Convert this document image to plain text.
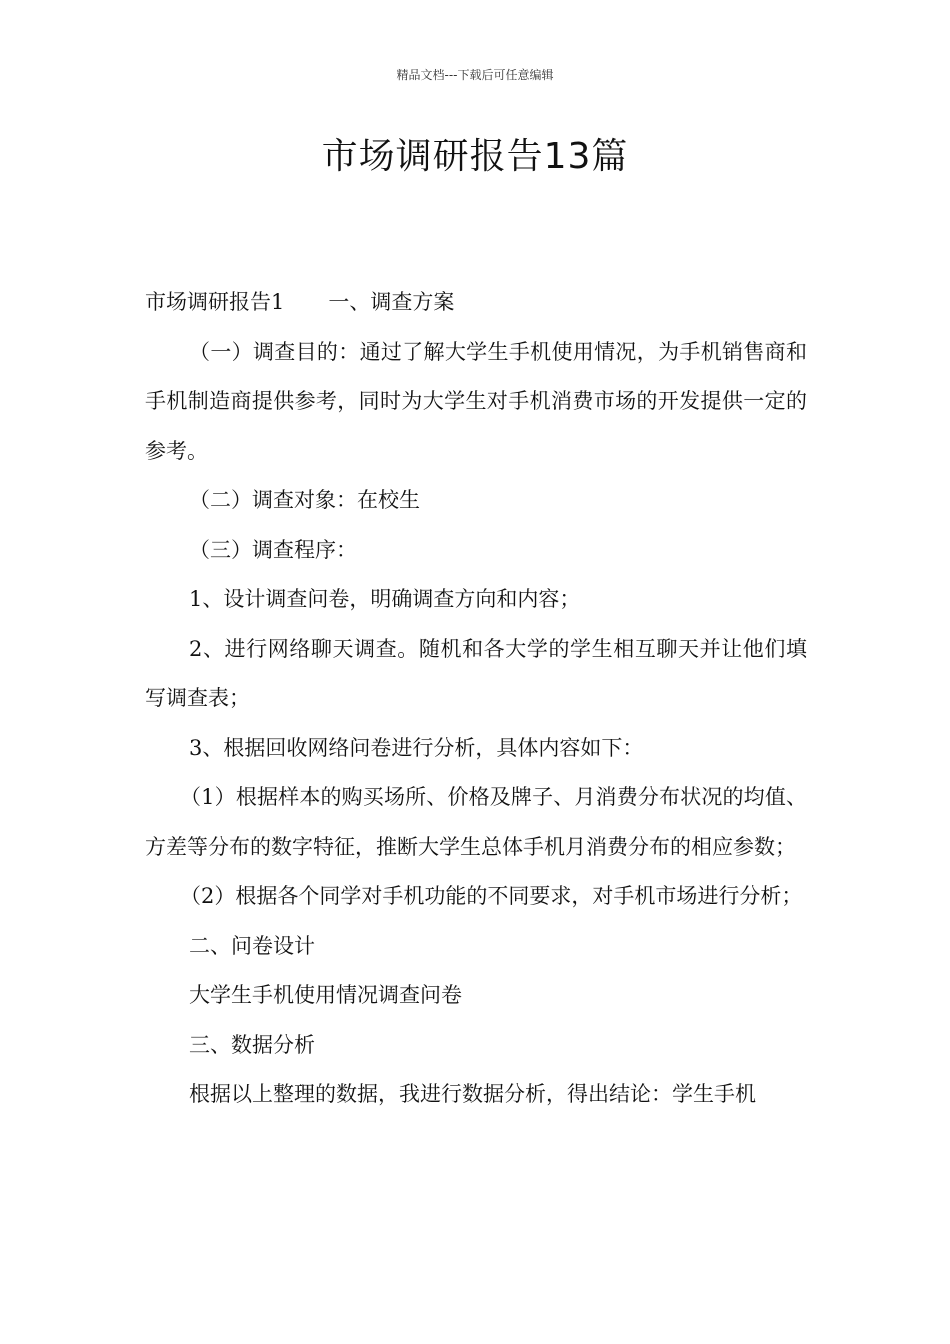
精品文档---下载后可任意编辑
市场调研报告13篇

市场调研报告1 一、调查方案

（一）调查目的：通过了解大学生手机使用情况，为手机销售商和手机制造商提供参考，同时为大学生对手机消费市场的开发提供一定的参考。

（二）调查对象：在校生

（三）调查程序：

1、设计调查问卷，明确调查方向和内容；

2、进行网络聊天调查。随机和各大学的学生相互聊天并让他们填写调查表；

3、根据回收网络问卷进行分析，具体内容如下：

（1）根据样本的购买场所、价格及牌子、月消费分布状况的均值、方差等分布的数字特征，推断大学生总体手机月消费分布的相应参数；

（2）根据各个同学对手机功能的不同要求，对手机市场进行分析；

二、问卷设计

大学生手机使用情况调查问卷

三、数据分析

根据以上整理的数据，我进行数据分析，得出结论：学生手机
